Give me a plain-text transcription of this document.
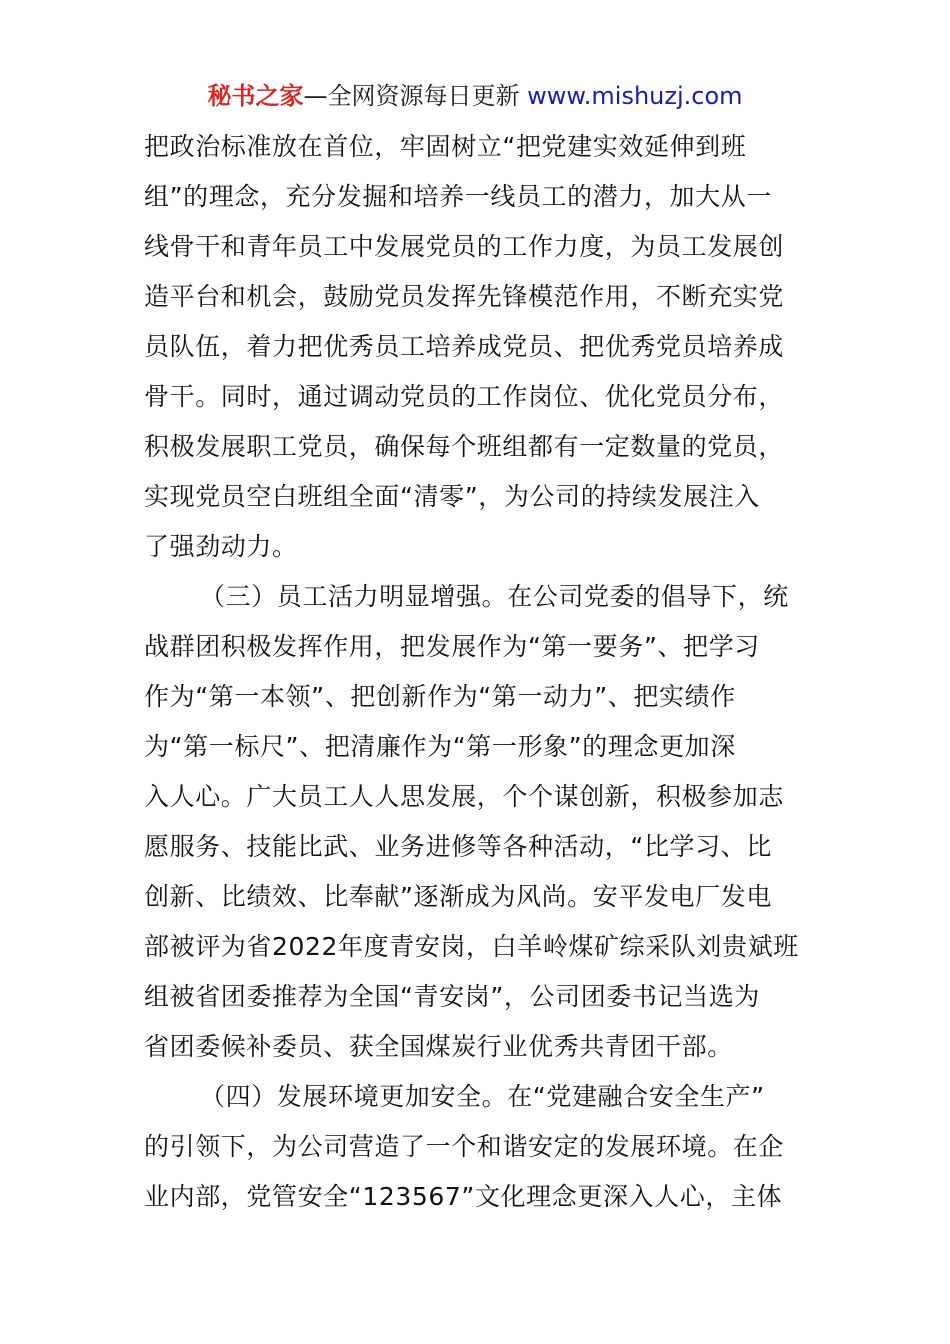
秘书之家—全网资源每日更新 www.mishuzj.com
把政治标准放在首位，牢固树立“把党建实效延伸到班
组”的理念，充分发掘和培养一线员工的潜力，加大从一
线骨干和青年员工中发展党员的工作力度，为员工发展创
造平台和机会，鼓励党员发挥先锋模范作用，不断充实党
员队伍，着力把优秀员工培养成党员、把优秀党员培养成
骨干。同时，通过调动党员的工作岗位、优化党员分布，
积极发展职工党员，确保每个班组都有一定数量的党员，
实现党员空白班组全面“清零”，为公司的持续发展注入
了强劲动力。
（三）员工活力明显增强。在公司党委的倡导下，统
战群团积极发挥作用，把发展作为“第一要务”、把学习
作为“第一本领”、把创新作为“第一动力”、把实绩作
为“第一标尺”、把清廉作为“第一形象”的理念更加深
入人心。广大员工人人思发展，个个谋创新，积极参加志
愿服务、技能比武、业务进修等各种活动，“比学习、比
创新、比绩效、比奉献”逐渐成为风尚。安平发电厂发电
部被评为省2022年度青安岗，白羊岭煤矿综采队刘贵斌班
组被省团委推荐为全国“青安岗”，公司团委书记当选为
省团委候补委员、获全国煤炭行业优秀共青团干部。
（四）发展环境更加安全。在“党建融合安全生产”
的引领下，为公司营造了一个和谐安定的发展环境。在企
业内部，党管安全“123567”文化理念更深入人心，主体
